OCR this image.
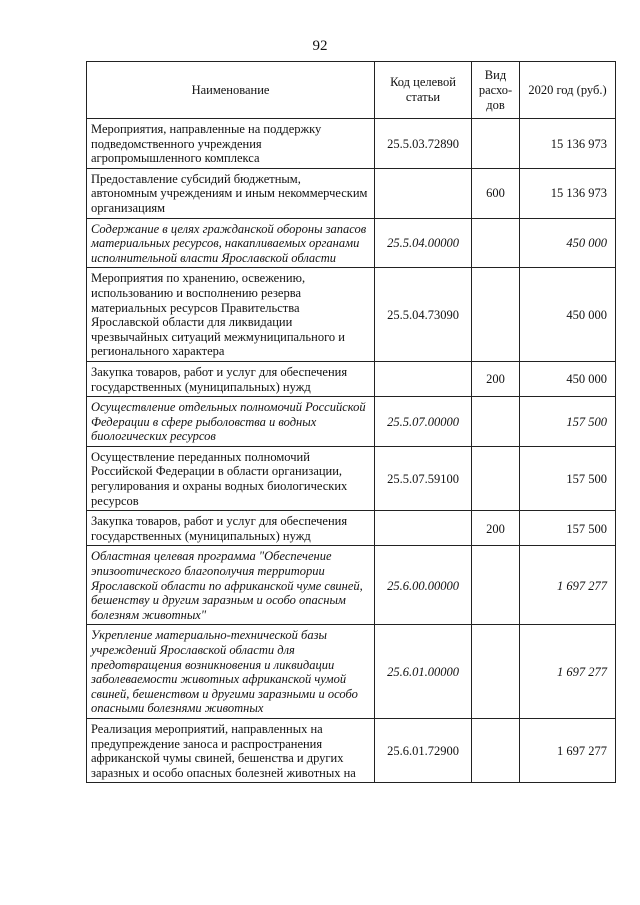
92
Наименование	Код целевой статьи	Вид расхо-дов	2020 год (руб.)
Мероприятия, направленные на поддержку подведомственного учреждения агропромышленного комплекса	25.5.03.72890		15 136 973
Предоставление субсидий бюджетным, автономным учреждениям и иным некоммерческим организациям		600	15 136 973
Содержание в целях гражданской обороны запасов материальных ресурсов, накапливаемых органами исполнительной власти Ярославской области	25.5.04.00000		450 000
Мероприятия по хранению, освежению, использованию и восполнению резерва материальных ресурсов Правительства Ярославской области для ликвидации чрезвычайных ситуаций межмуниципального и регионального характера	25.5.04.73090		450 000
Закупка товаров, работ и услуг для обеспечения государственных (муниципальных) нужд		200	450 000
Осуществление отдельных полномочий Российской Федерации в сфере рыболовства и водных биологических ресурсов	25.5.07.00000		157 500
Осуществление переданных полномочий Российской Федерации в области организации, регулирования и охраны водных биологических ресурсов	25.5.07.59100		157 500
Закупка товаров, работ и услуг для обеспечения государственных (муниципальных) нужд		200	157 500
Областная целевая программа "Обеспечение эпизоотического благополучия территории Ярославской области по африканской чуме свиней, бешенству и другим заразным и особо опасным болезням животных"	25.6.00.00000		1 697 277
Укрепление материально-технической базы учреждений Ярославской области для предотвращения возникновения и ликвидации заболеваемости животных африканской чумой свиней, бешенством и другими заразными и особо опасными болезнями животных	25.6.01.00000		1 697 277
Реализация мероприятий, направленных на предупреждение заноса и распространения африканской чумы свиней, бешенства и других заразных и особо опасных болезней животных на	25.6.01.72900		1 697 277
